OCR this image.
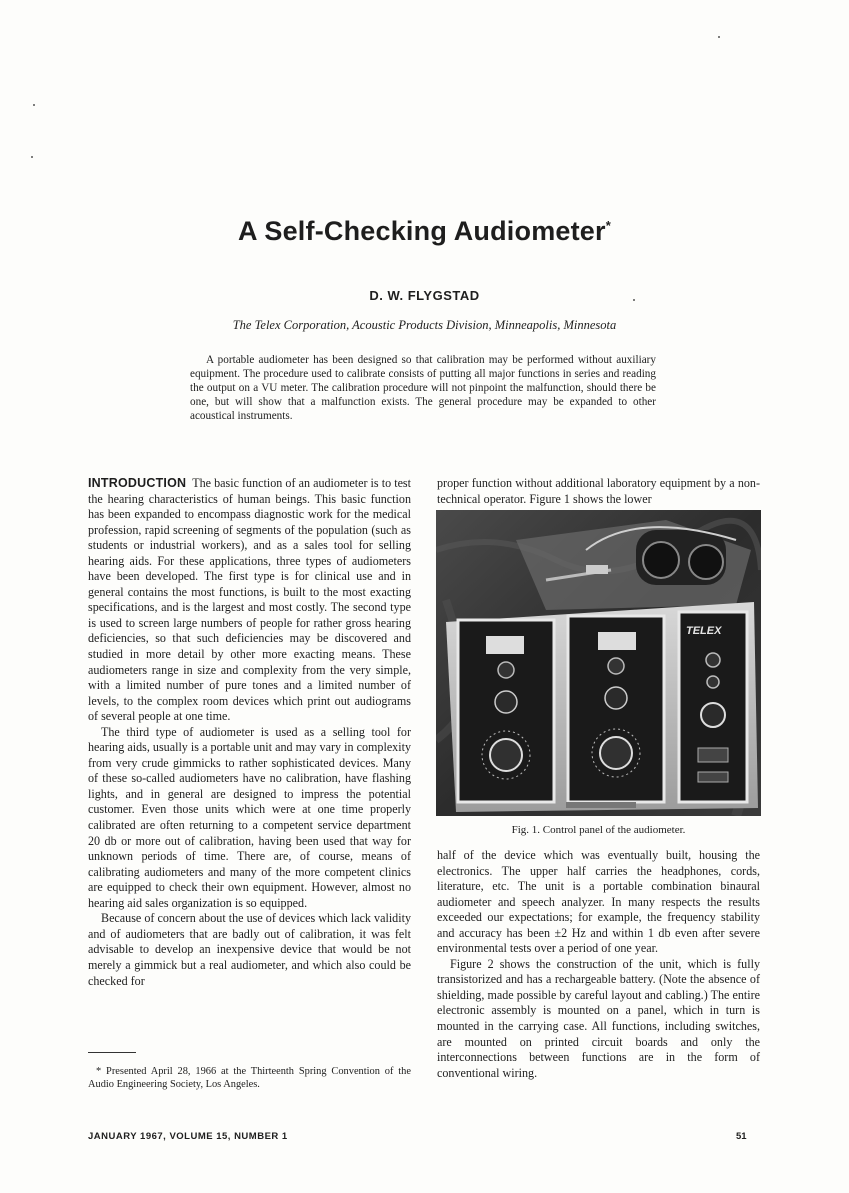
A Self-Checking Audiometer*
D. W. FLYGSTAD
The Telex Corporation, Acoustic Products Division, Minneapolis, Minnesota

A portable audiometer has been designed so that calibration may be performed without auxiliary equipment. The procedure used to calibrate consists of putting all major functions in series and reading the output on a VU meter. The calibration procedure will not pinpoint the malfunction, should there be one, but will show that a malfunction exists. The general procedure may be expanded to other acoustical instruments.

INTRODUCTION The basic function of an audiometer is to test the hearing characteristics of human beings. This basic function has been expanded to encompass diagnostic work for the medical profession, rapid screening of segments of the population (such as students or industrial workers), and as a sales tool for selling hearing aids. For these applications, three types of audiometers have been developed. The first type is for clinical use and in general contains the most functions, is built to the most exacting specifications, and is the largest and most costly. The second type is used to screen large numbers of people for rather gross hearing deficiencies, so that such deficiencies may be discovered and studied in more detail by other more exacting means. These audiometers range in size and complexity from the very simple, with a limited number of pure tones and a limited number of levels, to the complex room devices which print out audiograms of several people at one time.

The third type of audiometer is used as a selling tool for hearing aids, usually is a portable unit and may vary in complexity from very crude gimmicks to rather sophisticated devices. Many of these so-called audiometers have no calibration, have flashing lights, and in general are designed to impress the potential customer. Even those units which were at one time properly calibrated are often returning to a competent service department 20 db or more out of calibration, having been used that way for unknown periods of time. There are, of course, means of calibrating audiometers and many of the more competent clinics are equipped to check their own equipment. However, almost no hearing aid sales organization is so equipped.

Because of concern about the use of devices which lack validity and of audiometers that are badly out of calibration, it was felt advisable to develop an inexpensive device that would be not merely a gimmick but a real audiometer, and which also could be checked for

proper function without additional laboratory equipment by a non-technical operator. Figure 1 shows the lower

TELEX
Fig. 1. Control panel of the audiometer.

half of the device which was eventually built, housing the electronics. The upper half carries the headphones, cords, literature, etc. The unit is a portable combination binaural audiometer and speech analyzer. In many respects the results exceeded our expectations; for example, the frequency stability and accuracy has been ±2 Hz and within 1 db even after severe environmental tests over a period of one year.

Figure 2 shows the construction of the unit, which is fully transistorized and has a rechargeable battery. (Note the absence of shielding, made possible by careful layout and cabling.) The entire electronic assembly is mounted on a panel, which in turn is mounted in the carrying case. All functions, including switches, are mounted on printed circuit boards and only the interconnections between functions are in the form of conventional wiring.

* Presented April 28, 1966 at the Thirteenth Spring Convention of the Audio Engineering Society, Los Angeles.

JANUARY 1967, VOLUME 15, NUMBER 1	51
